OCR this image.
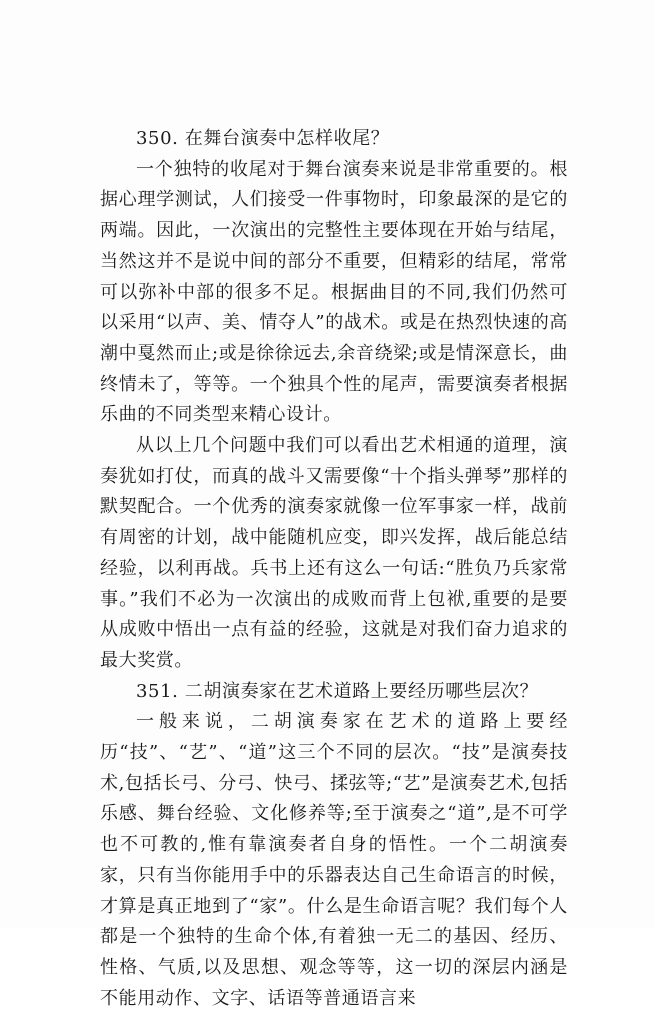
350. 在舞台演奏中怎样收尾？

一个独特的收尾对于舞台演奏来说是非常重要的。根据心理学测试，人们接受一件事物时，印象最深的是它的两端。因此，一次演出的完整性主要体现在开始与结尾，当然这并不是说中间的部分不重要，但精彩的结尾，常常可以弥补中部的很多不足。根据曲目的不同,我们仍然可以采用“以声、美、情夺人”的战术。或是在热烈快速的高潮中戛然而止;或是徐徐远去,余音绕梁;或是情深意长，曲终情未了，等等。一个独具个性的尾声，需要演奏者根据乐曲的不同类型来精心设计。

从以上几个问题中我们可以看出艺术相通的道理，演奏犹如打仗，而真的战斗又需要像“十个指头弹琴”那样的默契配合。一个优秀的演奏家就像一位军事家一样，战前有周密的计划，战中能随机应变，即兴发挥，战后能总结经验，以利再战。兵书上还有这么一句话:“胜负乃兵家常事。”我们不必为一次演出的成败而背上包袱,重要的是要从成败中悟出一点有益的经验，这就是对我们奋力追求的最大奖赏。

351. 二胡演奏家在艺术道路上要经历哪些层次？

一般来说，二胡演奏家在艺术的道路上要经历“技”、“艺”、“道”这三个不同的层次。“技”是演奏技术,包括长弓、分弓、快弓、揉弦等;“艺”是演奏艺术,包括乐感、舞台经验、文化修养等;至于演奏之“道”,是不可学也不可教的,惟有靠演奏者自身的悟性。一个二胡演奏家，只有当你能用手中的乐器表达自己生命语言的时候，才算是真正地到了“家”。什么是生命语言呢？我们每个人都是一个独特的生命个体,有着独一无二的基因、经历、性格、气质,以及思想、观念等等，这一切的深层内涵是不能用动作、文字、话语等普通语言来
